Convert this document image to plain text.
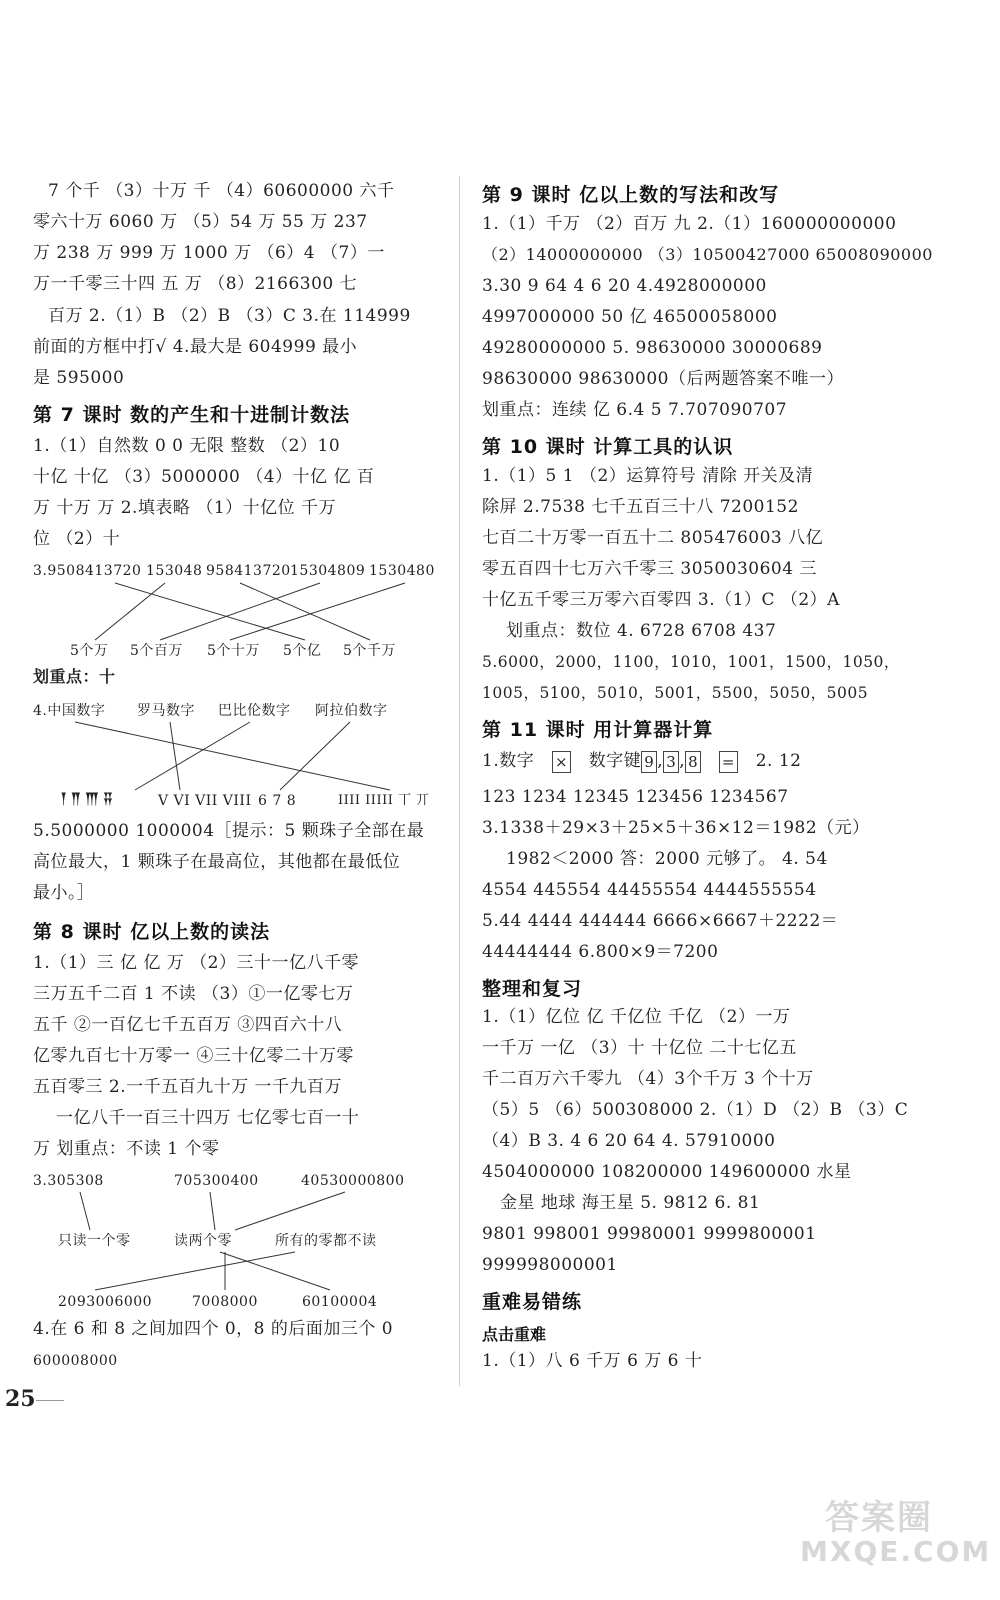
7 个千 （3）十万 千 （4）60600000 六千
零六十万 6060 万 （5）54 万 55 万 237
万 238 万 999 万 1000 万 （6）4 （7）一
万一千零三十四 五 万 （8）2166300 七
百万 2.（1）B （2）B （3）C 3.在 114999
前面的方框中打√ 4.最大是 604999 最小
是 595000
第 7 课时 数的产生和十进制计数法
1.（1）自然数 0 0 无限 整数 （2）10
十亿 十亿 （3）5000000 （4）十亿 亿 百
万 十万 万 2.填表略 （1）十亿位 千万
位 （2）十
3.9508413720 153048 958413720 15304809 1530480
5个万 5个百万 5个十万 5个亿 5个千万
划重点：十
4.中国数字 罗马数字 巴比伦数字 阿拉伯数字
𒐕𒐖𒐗𒐘	V VI VII VIII 6 7 8	IIII IIIII 丅 丌
5.5000000 1000004［提示：5 颗珠子全部在最
高位最大，1 颗珠子在最高位，其他都在最低位
最小。］
第 8 课时 亿以上数的读法
1.（1）三 亿 亿 万 （2）三十一亿八千零
三万五千二百 1 不读 （3）①一亿零七万
五千 ②一百亿七千五百万 ③四百六十八
亿零九百七十万零一 ④三十亿零二十万零
五百零三 2.一千五百九十万 一千九百万
一亿八千一百三十四万 七亿零七百一十
万 划重点：不读 1 个零
3.305308	705300400	40530000800
只读一个零	读两个零	所有的零都不读
2093006000	7008000	60100004
4.在 6 和 8 之间加四个 0，8 的后面加三个 0
600008000
25
第 9 课时 亿以上数的写法和改写
1.（1）千万 （2）百万 九 2.（1）160000000000
（2）14000000000 （3）10500427000 65008090000
3.30 9 64 4 6 20 4.4928000000
4997000000 50 亿 46500058000
49280000000 5. 98630000 30000689
98630000 98630000（后两题答案不唯一）
划重点：连续 亿 6.4 5 7.707090707
第 10 课时 计算工具的认识
1.（1）5 1 （2）运算符号 清除 开关及清
除屏 2.7538 七千五百三十八 7200152
七百二十万零一百五十二 805476003 八亿
零五百四十七万六千零三 3050030604 三
十亿五千零三万零六百零四 3.（1）C （2）A
划重点：数位 4. 6728 6708 437
5.6000，2000，1100，1010，1001，1500，1050，
1005，5100，5010，5001，5500，5050，5005
第 11 课时 用计算器计算
1.数字 × 数字键 9 , 3 , 8 = 2. 12
123 1234 12345 123456 1234567
3.1338＋29×3＋25×5＋36×12＝1982（元）
1982＜2000 答：2000 元够了。 4. 54
4554 445554 44455554 4444555554
5.44 4444 444444 6666×6667＋2222＝
44444444 6.800×9＝7200
整理和复习
1.（1）亿位 亿 千亿位 千亿 （2）一万
一千万 一亿 （3）十 十亿位 二十七亿五
千二百万六千零九 （4）3个千万 3 个十万
（5）5 （6）500308000 2.（1）D （2）B （3）C
（4）B 3. 4 6 20 64 4. 57910000
4504000000 108200000 149600000 水星
金星 地球 海王星 5. 9812 6. 81
9801 998001 99980001 9999800001
999998000001
重难易错练
点击重难
1.（1）八 6 千万 6 万 6 十
答案圈
MXQE.COM
